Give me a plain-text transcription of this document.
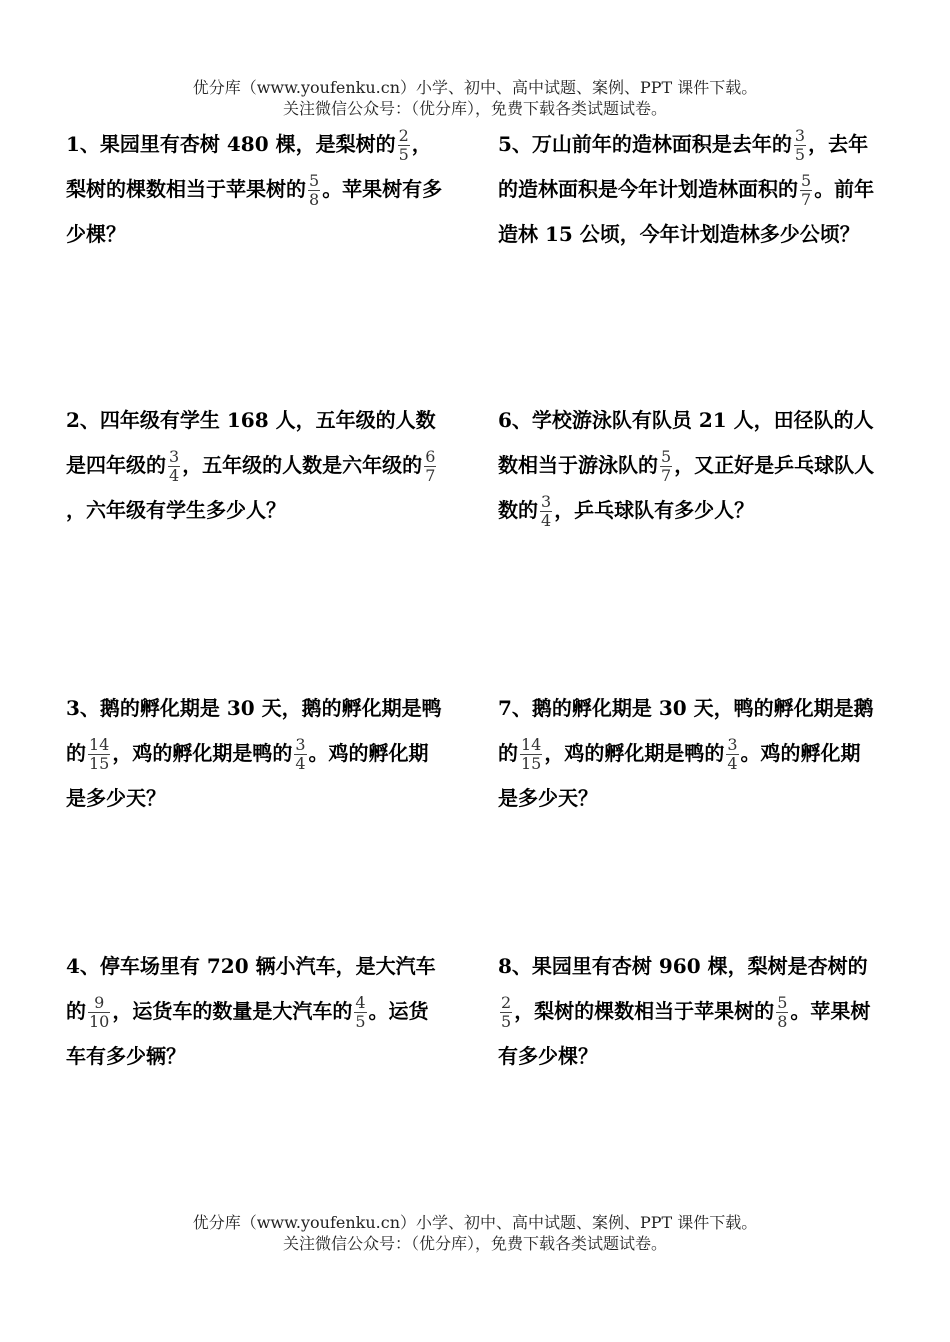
优分库（www.youfenku.cn）小学、初中、高中试题、案例、PPT 课件下载。
关注微信公众号：（优分库），免费下载各类试题试卷。
1、果园里有杏树 480 棵，是梨树的 $\frac{2}{5}$ ，梨树的棵数相当于苹果树的 $\frac{5}{8}$ 。苹果树有多少棵？
2、四年级有学生 168 人，五年级的人数是四年级的 $\frac{3}{4}$ ，五年级的人数是六年级的 $\frac{6}{7}$
，六年级有学生多少人？
3、鹅的孵化期是 30 天，鹅的孵化期是鸭的 $\frac{14}{15}$ ，鸡的孵化期是鸭的 $\frac{3}{4}$ 。鸡的孵化期是多少天？
4、停车场里有 720 辆小汽车，是大汽车的 $\frac{9}{10}$ ，运货车的数量是大汽车的 $\frac{4}{5}$ 。运货车有多少辆？
5、万山前年的造林面积是去年的 $\frac{3}{5}$ ，去年的造林面积是今年计划造林面积的 $\frac{5}{7}$ 。前年造林 15 公顷，今年计划造林多少公顷？
6、学校游泳队有队员 21 人，田径队的人数相当于游泳队的 $\frac{5}{7}$ ，又正好是乒乓球队人数的 $\frac{3}{4}$ ，乒乓球队有多少人？
7、鹅的孵化期是 30 天，鸭的孵化期是鹅的 $\frac{14}{15}$ ，鸡的孵化期是鸭的 $\frac{3}{4}$ 。鸡的孵化期是多少天？
8、果园里有杏树 960 棵，梨树是杏树的
$\frac{2}{5}$ ，梨树的棵数相当于苹果树的 $\frac{5}{8}$ 。苹果树有多少棵？
优分库（www.youfenku.cn）小学、初中、高中试题、案例、PPT 课件下载。
关注微信公众号：（优分库），免费下载各类试题试卷。
